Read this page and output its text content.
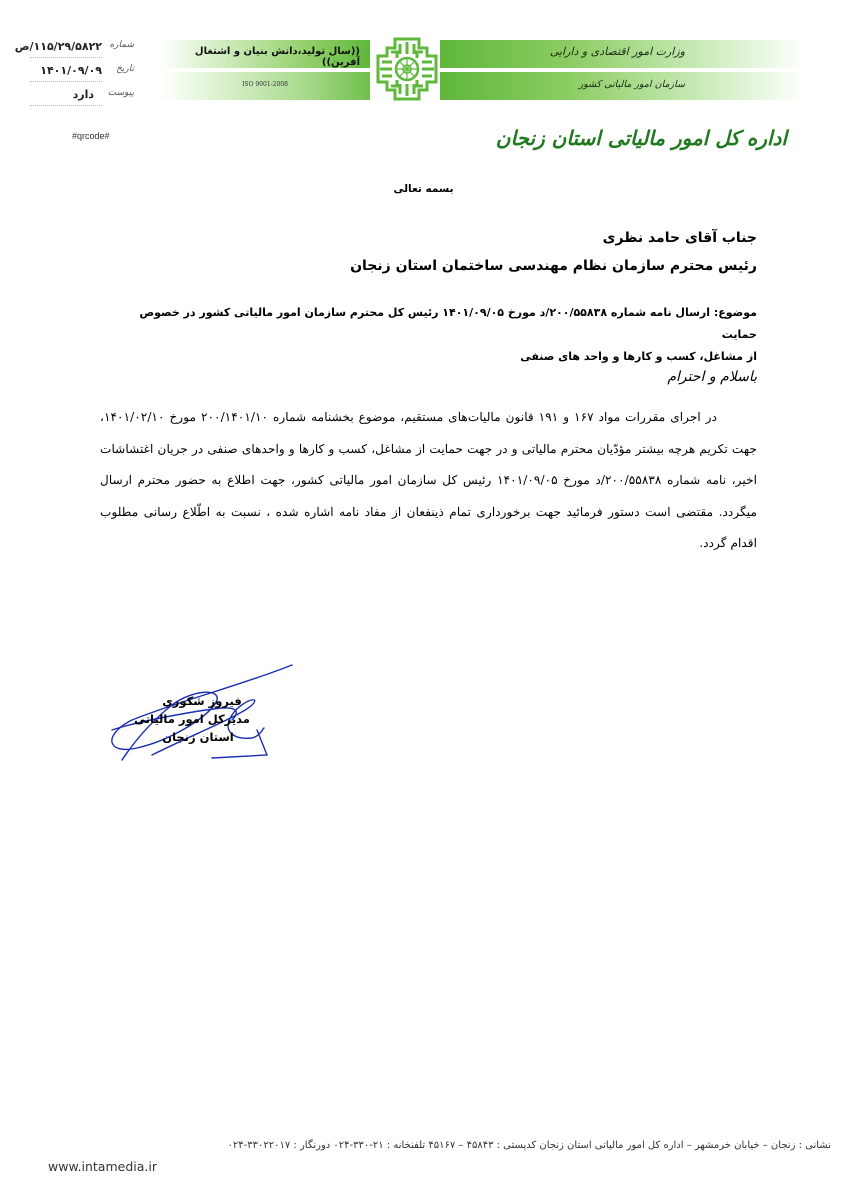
۱۱۵/۲۹/۵۸۲۲/ص شماره
۱۴۰۱/۰۹/۰۹ تاریخ
دارد پیوست
#qrcode#
((سال تولید،دانش بنیان و اشتغال آفرین))
ISO 9001-2008
وزارت امور اقتصادی و دارایی
سازمان امور مالیاتی کشور
اداره کل امور مالیاتی استان زنجان
بسمه تعالی
جناب آقای حامد نظری
رئیس محترم سازمان نظام مهندسی ساختمان استان زنجان
موضوع: ارسال نامه شماره ۲۰۰/۵۵۸۳۸/د مورخ ۱۴۰۱/۰۹/۰۵ رئیس کل محترم سازمان امور مالیاتی کشور در خصوص حمایت
از مشاغل، کسب و کارها و واحد های صنفی
باسلام و احترام

در اجرای مقررات مواد ۱۶۷ و ۱۹۱ قانون مالیات‌های مستقیم، موضوع بخشنامه شماره ۲۰۰/۱۴۰۱/۱۰ مورخ ۱۴۰۱/۰۲/۱۰، جهت تکریم هرچه بیشتر مؤدّیان محترم مالیاتی و در جهت حمایت از مشاغل، کسب و کارها و واحدهای صنفی در جریان اغتشاشات اخیر، نامه شماره ۲۰۰/۵۵۸۳۸/د مورخ ۱۴۰۱/۰۹/۰۵ رئیس کل سازمان امور مالیاتی کشور، جهت اطلاع به حضور محترم ارسال میگردد. مقتضی است دستور فرمائید جهت برخورداری تمام ذینفعان از مفاد نامه اشاره شده ، نسبت به اطّلاع رسانی مطلوب اقدام گردد.

فیروز شکوری
مدیرکل امور مالیاتی
استان زنجان
نشانی : زنجان – خیابان خرمشهر – اداره کل امور مالیاتی استان زنجان کدپستی : ۴۵۸۴۳ – ۴۵۱۶۷ تلفنخانه : ۲۱-۳۳۰-۰۲۴ دورنگار : ۳۳۰۲۲۰۱۷-۰۲۴
www.intamedia.ir
